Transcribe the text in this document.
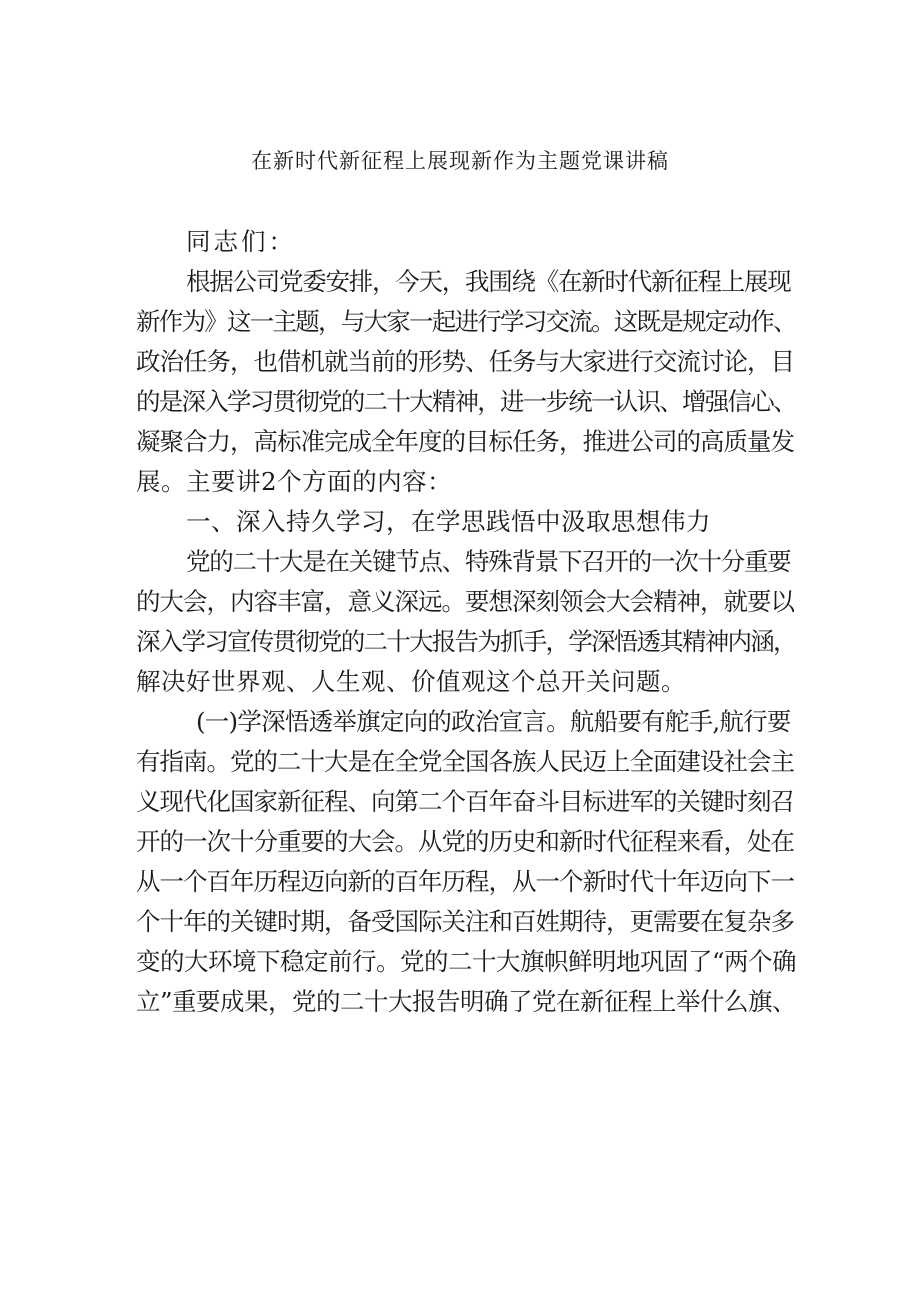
在新时代新征程上展现新作为主题党课讲稿

同志们：

根据公司党委安排，今天，我围绕《在新时代新征程上展现
新作为》这一主题，与大家一起进行学习交流。这既是规定动作、
政治任务，也借机就当前的形势、任务与大家进行交流讨论，目
的是深入学习贯彻党的二十大精神，进一步统一认识、增强信心、
凝聚合力，高标准完成全年度的目标任务，推进公司的高质量发
展。主要讲2个方面的内容：

一、深入持久学习，在学思践悟中汲取思想伟力

党的二十大是在关键节点、特殊背景下召开的一次十分重要
的大会，内容丰富，意义深远。要想深刻领会大会精神，就要以
深入学习宣传贯彻党的二十大报告为抓手，学深悟透其精神内涵，
解决好世界观、人生观、价值观这个总开关问题。

(一)学深悟透举旗定向的政治宣言。航船要有舵手,航行要
有指南。党的二十大是在全党全国各族人民迈上全面建设社会主
义现代化国家新征程、向第二个百年奋斗目标进军的关键时刻召
开的一次十分重要的大会。从党的历史和新时代征程来看，处在
从一个百年历程迈向新的百年历程，从一个新时代十年迈向下一
个十年的关键时期，备受国际关注和百姓期待，更需要在复杂多
变的大环境下稳定前行。党的二十大旗帜鲜明地巩固了“两个确
立”重要成果，党的二十大报告明确了党在新征程上举什么旗、
